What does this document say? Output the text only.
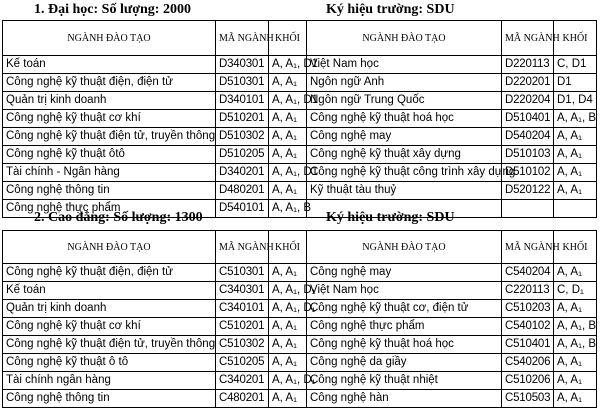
1. Đại học: Số lượng: 2000	Ký hiệu trường: SDU
NGÀNH ĐÀO TẠO	MÃ NGÀNH	KHỐI	NGÀNH ĐÀO TẠO	MÃ NGÀNH	KHỐI
Kế toán	D340301	A, A₁, D1	Việt Nam học	D220113	C, D1
Công nghệ kỹ thuật điện, điện tử	D510301	A, A₁	Ngôn ngữ Anh	D220201	D1
Quản trị kinh doanh	D340101	A, A₁, D1	Ngôn ngữ Trung Quốc	D220204	D1, D4
Công nghệ kỹ thuật cơ khí	D510201	A, A₁	Công nghệ kỹ thuật hoá học	D510401	A, A₁, B
Công nghệ kỹ thuật điện tử, truyền thông	D510302	A, A₁	Công nghệ may	D540204	A, A₁
Công nghệ kỹ thuật ôtô	D510205	A, A₁	Công nghệ kỹ thuật xây dựng	D510103	A, A₁
Tài chính - Ngân hàng	D340201	A, A₁, D1	Công nghệ kỹ thuật công trình xây dựng	D510102	A, A₁
Công nghệ thông tin	D480201	A, A₁	Kỹ thuật tàu thuỷ	D520122	A, A₁
Công nghệ thực phẩm	D540101	A, A₁, B			
2. Cao đẳng: Số lượng: 1300	Ký hiệu trường: SDU
NGÀNH ĐÀO TẠO	MÃ NGÀNH	KHỐI	NGÀNH ĐÀO TẠO	MÃ NGÀNH	KHỐI
Công nghệ kỹ thuật điện, điện tử	C510301	A, A₁	Công nghệ may	C540204	A, A₁
Kế toán	C340301	A, A₁, D₁	Việt Nam học	C220113	C, D₁
Quản trị kinh doanh	C340101	A, A₁, D₁	Công nghệ kỹ thuật cơ, điện tử	C510203	A, A₁
Công nghệ kỹ thuật cơ khí	C510201	A, A₁	Công nghệ thực phẩm	C540102	A, A₁, B
Công nghệ kỹ thuật điện tử, truyền thông	C510302	A, A₁	Công nghệ kỹ thuật hoá học	C510401	A, A₁, B
Công nghệ kỹ thuật ô tô	C510205	A, A₁	Công nghệ da giầy	C540206	A, A₁
Tài chính ngân hàng	C340201	A, A₁, D₁	Công nghệ kỹ thuật nhiệt	C510206	A, A₁
Công nghệ thông tin	C480201	A, A₁	Công nghệ hàn	C510503	A, A₁
